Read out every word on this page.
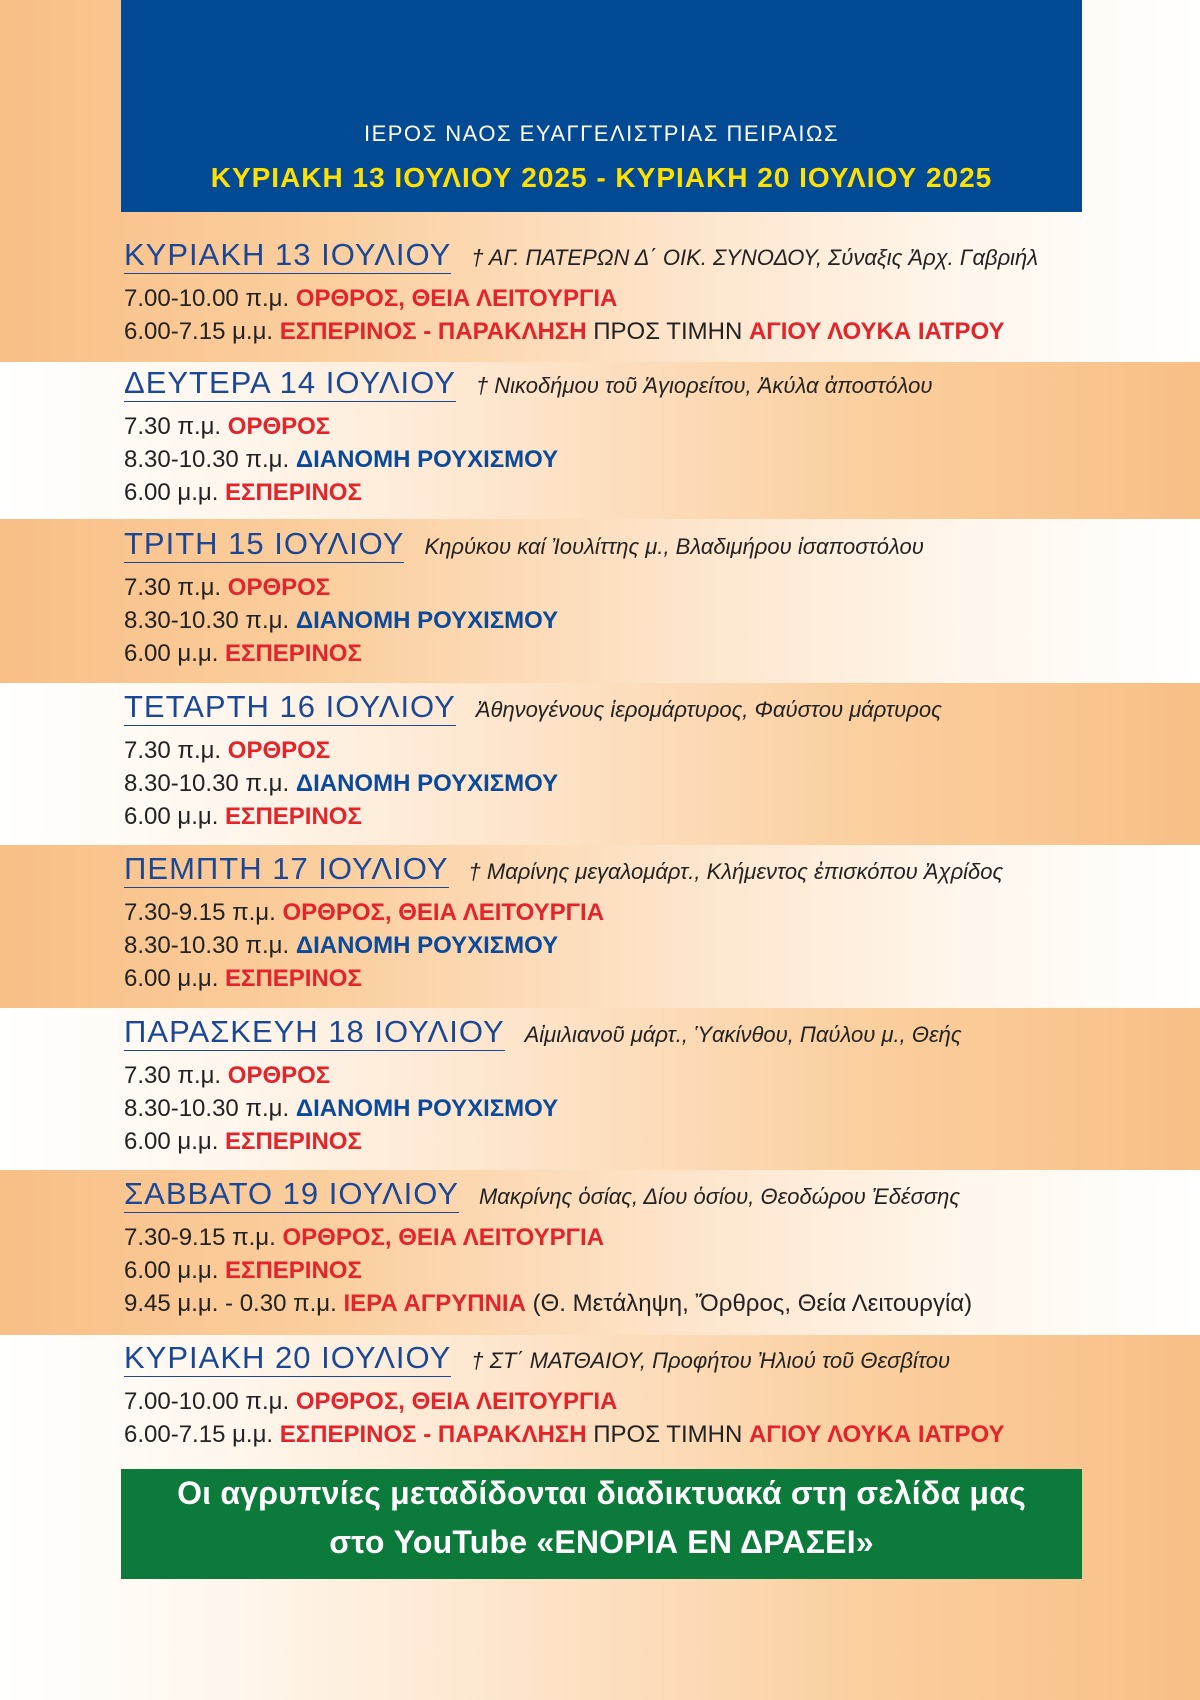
ΙΕΡΟΣ ΝΑΟΣ ΕΥΑΓΓΕΛΙΣΤΡΙΑΣ ΠΕΙΡΑΙΩΣ
ΚΥΡΙΑΚΗ 13 ΙΟΥΛΙΟΥ 2025 - ΚΥΡΙΑΚΗ 20 ΙΟΥΛΙΟΥ 2025
ΚΥΡΙΑΚΗ 13 ΙΟΥΛΙΟΥ † ΑΓ. ΠΑΤΕΡΩΝ Δ΄ ΟΙΚ. ΣΥΝΟΔΟΥ, Σύναξις Ἀρχ. Γαβριήλ
7.00-10.00 π.μ. ΟΡΘΡΟΣ, ΘΕΙΑ ΛΕΙΤΟΥΡΓΙΑ
6.00-7.15 μ.μ. ΕΣΠΕΡΙΝΟΣ - ΠΑΡΑΚΛΗΣΗ ΠΡΟΣ ΤΙΜΗΝ ΑΓΙΟΥ ΛΟΥΚΑ ΙΑΤΡΟΥ
ΔΕΥΤΕΡΑ 14 ΙΟΥΛΙΟΥ † Νικοδήμου τοῦ Ἁγιορείτου, Ἀκύλα ἀποστόλου
7.30 π.μ. ΟΡΘΡΟΣ
8.30-10.30 π.μ. ΔΙΑΝΟΜΗ ΡΟΥΧΙΣΜΟΥ
6.00 μ.μ. ΕΣΠΕΡΙΝΟΣ
ΤΡΙΤΗ 15 ΙΟΥΛΙΟΥ Κηρύκου καί Ἰουλίττης μ., Βλαδιμήρου ἰσαποστόλου
7.30 π.μ. ΟΡΘΡΟΣ
8.30-10.30 π.μ. ΔΙΑΝΟΜΗ ΡΟΥΧΙΣΜΟΥ
6.00 μ.μ. ΕΣΠΕΡΙΝΟΣ
ΤΕΤΑΡΤΗ 16 ΙΟΥΛΙΟΥ Ἀθηνογένους ἱερομάρτυρος, Φαύστου μάρτυρος
7.30 π.μ. ΟΡΘΡΟΣ
8.30-10.30 π.μ. ΔΙΑΝΟΜΗ ΡΟΥΧΙΣΜΟΥ
6.00 μ.μ. ΕΣΠΕΡΙΝΟΣ
ΠΕΜΠΤΗ 17 ΙΟΥΛΙΟΥ † Μαρίνης μεγαλομάρτ., Κλήμεντος ἐπισκόπου Ἀχρίδος
7.30-9.15 π.μ. ΟΡΘΡΟΣ, ΘΕΙΑ ΛΕΙΤΟΥΡΓΙΑ
8.30-10.30 π.μ. ΔΙΑΝΟΜΗ ΡΟΥΧΙΣΜΟΥ
6.00 μ.μ. ΕΣΠΕΡΙΝΟΣ
ΠΑΡΑΣΚΕΥΗ 18 ΙΟΥΛΙΟΥ Αἰμιλιανοῦ μάρτ., Ὑακίνθου, Παύλου μ., Θεής
7.30 π.μ. ΟΡΘΡΟΣ
8.30-10.30 π.μ. ΔΙΑΝΟΜΗ ΡΟΥΧΙΣΜΟΥ
6.00 μ.μ. ΕΣΠΕΡΙΝΟΣ
ΣΑΒΒΑΤΟ 19 ΙΟΥΛΙΟΥ Μακρίνης ὁσίας, Δίου ὁσίου, Θεοδώρου Ἐδέσσης
7.30-9.15 π.μ. ΟΡΘΡΟΣ, ΘΕΙΑ ΛΕΙΤΟΥΡΓΙΑ
6.00 μ.μ. ΕΣΠΕΡΙΝΟΣ
9.45 μ.μ. - 0.30 π.μ. ΙΕΡΑ ΑΓΡΥΠΝΙΑ (Θ. Μετάληψη, Ὄρθρος, Θεία Λειτουργία)
ΚΥΡΙΑΚΗ 20 ΙΟΥΛΙΟΥ † ΣΤ΄ ΜΑΤΘΑΙΟΥ, Προφήτου Ἠλιού τοῦ Θεσβίτου
7.00-10.00 π.μ. ΟΡΘΡΟΣ, ΘΕΙΑ ΛΕΙΤΟΥΡΓΙΑ
6.00-7.15 μ.μ. ΕΣΠΕΡΙΝΟΣ - ΠΑΡΑΚΛΗΣΗ ΠΡΟΣ ΤΙΜΗΝ ΑΓΙΟΥ ΛΟΥΚΑ ΙΑΤΡΟΥ
Οι αγρυπνίες μεταδίδονται διαδικτυακά στη σελίδα μας
στο YouTube «ΕΝΟΡΙΑ ΕΝ ΔΡΑΣΕΙ»
